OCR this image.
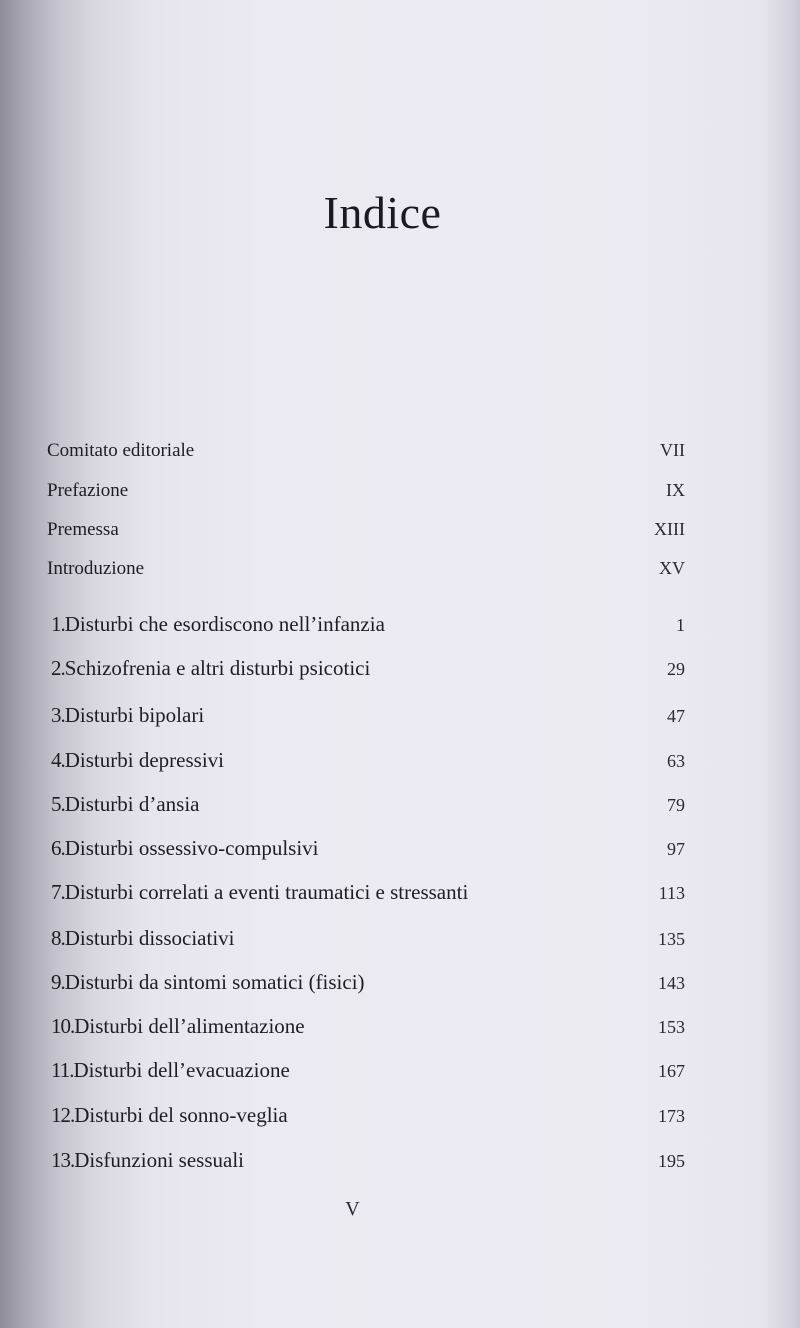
Indice
Comitato editoriale	VII
Prefazione	IX
Premessa	XIII
Introduzione	XV
1.Disturbi che esordiscono nell’infanzia	1
2.Schizofrenia e altri disturbi psicotici	29
3.Disturbi bipolari	47
4.Disturbi depressivi	63
5.Disturbi d’ansia	79
6.Disturbi ossessivo-compulsivi	97
7.Disturbi correlati a eventi traumatici e stressanti	113
8.Disturbi dissociativi	135
9.Disturbi da sintomi somatici (fisici)	143
10.Disturbi dell’alimentazione	153
11.Disturbi dell’evacuazione	167
12.Disturbi del sonno-veglia	173
13.Disfunzioni sessuali	195
V
